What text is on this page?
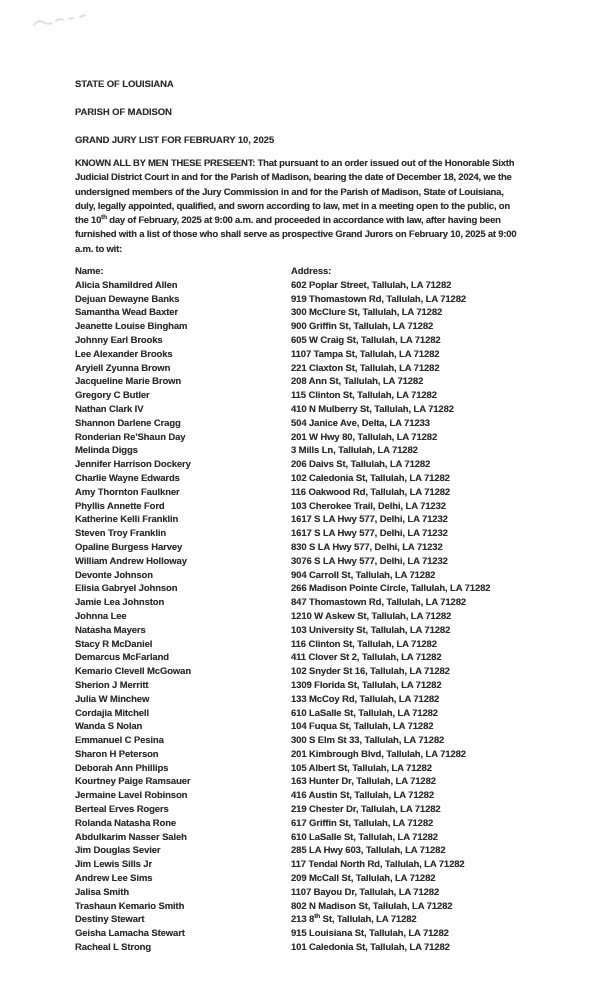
STATE OF LOUISIANA
PARISH OF MADISON
GRAND JURY LIST FOR FEBRUARY 10, 2025
KNOWN ALL BY MEN THESE PRESEENT: That pursuant to an order issued out of the Honorable Sixth
Judicial District Court in and for the Parish of Madison, bearing the date of December 18, 2024, we the
undersigned members of the Jury Commission in and for the Parish of Madison, State of Louisiana,
duly, legally appointed, qualified, and sworn according to law, met in a meeting open to the public, on
the 10th day of February, 2025 at 9:00 a.m. and proceeded in accordance with law, after having been
furnished with a list of those who shall serve as prospective Grand Jurors on February 10, 2025 at 9:00
a.m. to wit:
Name:	Address:
Alicia Shamildred Allen	602 Poplar Street, Tallulah, LA 71282
Dejuan Dewayne Banks	919 Thomastown Rd, Tallulah, LA 71282
Samantha Wead Baxter	300 McClure St, Tallulah, LA 71282
Jeanette Louise Bingham	900 Griffin St, Tallulah, LA 71282
Johnny Earl Brooks	605 W Craig St, Tallulah, LA 71282
Lee Alexander Brooks	1107 Tampa St, Tallulah, LA 71282
Aryiell Zyunna Brown	221 Claxton St, Tallulah, LA 71282
Jacqueline Marie Brown	208 Ann St, Tallulah, LA 71282
Gregory C Butler	115 Clinton St, Tallulah, LA 71282
Nathan Clark IV	410 N Mulberry St, Tallulah, LA 71282
Shannon Darlene Cragg	504 Janice Ave, Delta, LA 71233
Ronderian Re'Shaun Day	201 W Hwy 80, Tallulah, LA 71282
Melinda Diggs	3 Mills Ln, Tallulah, LA 71282
Jennifer Harrison Dockery	206 Daivs St, Tallulah, LA 71282
Charlie Wayne Edwards	102 Caledonia St, Tallulah, LA 71282
Amy Thornton Faulkner	116 Oakwood Rd, Tallulah, LA 71282
Phyllis Annette Ford	103 Cherokee Trail, Delhi, LA 71232
Katherine Kelli Franklin	1617 S LA Hwy 577, Delhi, LA 71232
Steven Troy Franklin	1617 S LA Hwy 577, Delhi, LA 71232
Opaline Burgess Harvey	830 S LA Hwy 577, Delhi, LA 71232
William Andrew Holloway	3076 S LA Hwy 577, Delhi, LA 71232
Devonte Johnson	904 Carroll St, Tallulah, LA 71282
Elisia Gabryel Johnson	266 Madison Pointe Circle, Tallulah, LA 71282
Jamie Lea Johnston	847 Thomastown Rd, Tallulah, LA 71282
Johnna Lee	1210 W Askew St, Tallulah, LA 71282
Natasha Mayers	103 University St, Tallulah, LA 71282
Stacy R McDaniel	116 Clinton St, Tallulah, LA 71282
Demarcus McFarland	411 Clover St 2, Tallulah, LA 71282
Kemario Clevell McGowan	102 Snyder St 16, Tallulah, LA 71282
Sherion J Merritt	1309 Florida St, Tallulah, LA 71282
Julia W Minchew	133 McCoy Rd, Tallulah, LA 71282
Cordajia Mitchell	610 LaSalle St, Tallulah, LA 71282
Wanda S Nolan	104 Fuqua St, Tallulah, LA 71282
Emmanuel C Pesina	300 S Elm St 33, Tallulah, LA 71282
Sharon H Peterson	201 Kimbrough Blvd, Tallulah, LA 71282
Deborah Ann Phillips	105 Albert St, Tallulah, LA 71282
Kourtney Paige Ramsauer	163 Hunter Dr, Tallulah, LA 71282
Jermaine Lavel Robinson	416 Austin St, Tallulah, LA 71282
Berteal Erves Rogers	219 Chester Dr, Tallulah, LA 71282
Rolanda Natasha Rone	617 Griffin St, Tallulah, LA 71282
Abdulkarim Nasser Saleh	610 LaSalle St, Tallulah, LA 71282
Jim Douglas Sevier	285 LA Hwy 603, Tallulah, LA 71282
Jim Lewis Sills Jr	117 Tendal North Rd, Tallulah, LA 71282
Andrew Lee Sims	209 McCall St, Tallulah, LA 71282
Jalisa Smith	1107 Bayou Dr, Tallulah, LA 71282
Trashaun Kemario Smith	802 N Madison St, Tallulah, LA 71282
Destiny Stewart	213 8th St, Tallulah, LA 71282
Geisha Lamacha Stewart	915 Louisiana St, Tallulah, LA 71282
Racheal L Strong	101 Caledonia St, Tallulah, LA 71282
